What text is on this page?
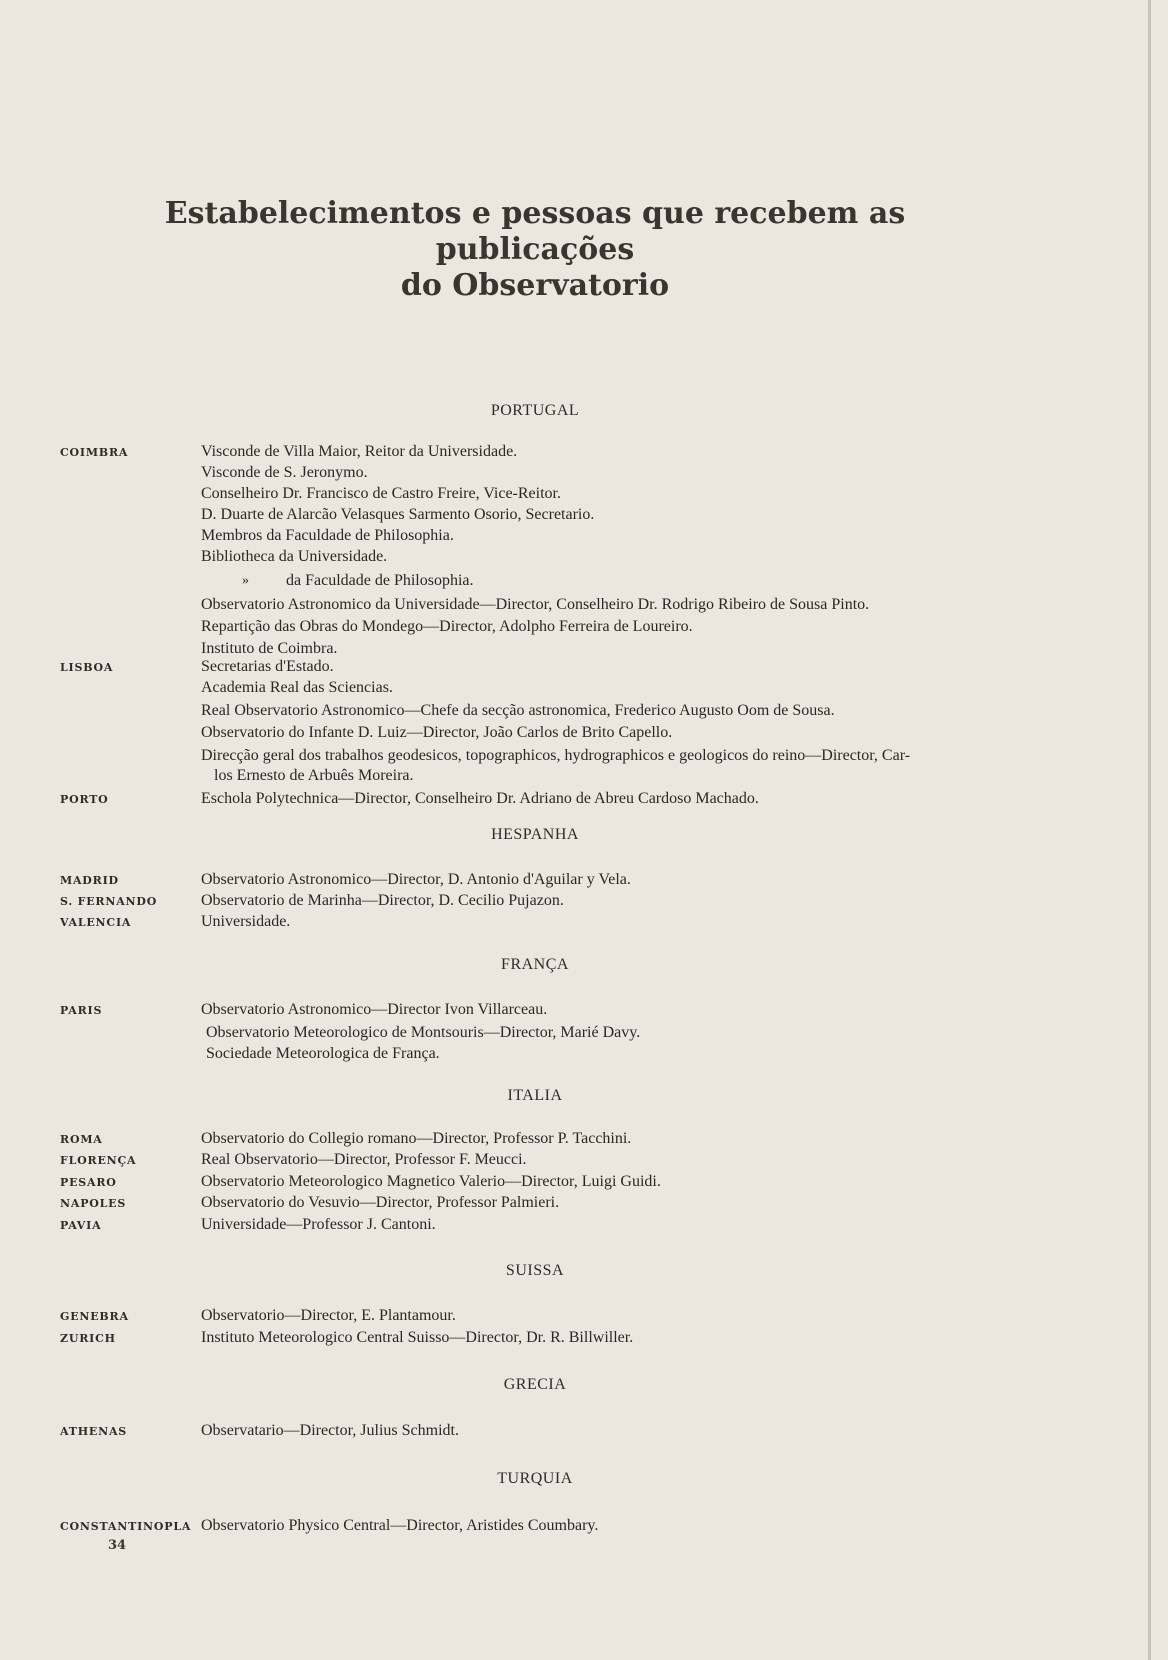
Estabelecimentos e pessoas que recebem as publicações
do Observatorio
PORTUGAL
COIMBRA	Visconde de Villa Maior, Reitor da Universidade.
Visconde de S. Jeronymo.
Conselheiro Dr. Francisco de Castro Freire, Vice-Reitor.
D. Duarte de Alarcão Velasques Sarmento Osorio, Secretario.
Membros da Faculdade de Philosophia.
Bibliotheca da Universidade.
» da Faculdade de Philosophia.
Observatorio Astronomico da Universidade—Director, Conselheiro Dr. Rodrigo Ribeiro de Sousa Pinto.
Repartição das Obras do Mondego—Director, Adolpho Ferreira de Loureiro.
Instituto de Coimbra.
LISBOA	Secretarias d'Estado.
Academia Real das Sciencias.
Real Observatorio Astronomico—Chefe da secção astronomica, Frederico Augusto Oom de Sousa.
Observatorio do Infante D. Luiz—Director, João Carlos de Brito Capello.
Direcção geral dos trabalhos geodesicos, topographicos, hydrographicos e geologicos do reino—Director, Car-
los Ernesto de Arbuês Moreira.
PORTO	Eschola Polytechnica—Director, Conselheiro Dr. Adriano de Abreu Cardoso Machado.
HESPANHA
MADRID	Observatorio Astronomico—Director, D. Antonio d'Aguilar y Vela.
S. FERNANDO	Observatorio de Marinha—Director, D. Cecilio Pujazon.
VALENCIA	Universidade.
FRANÇA
PARIS	Observatorio Astronomico—Director Ivon Villarceau.
Observatorio Meteorologico de Montsouris—Director, Marié Davy.
Sociedade Meteorologica de França.
ITALIA
ROMA	Observatorio do Collegio romano—Director, Professor P. Tacchini.
FLORENÇA	Real Observatorio—Director, Professor F. Meucci.
PESARO	Observatorio Meteorologico Magnetico Valerio—Director, Luigi Guidi.
NAPOLES	Observatorio do Vesuvio—Director, Professor Palmieri.
PAVIA	Universidade—Professor J. Cantoni.
SUISSA
GENEBRA	Observatorio—Director, E. Plantamour.
ZURICH	Instituto Meteorologico Central Suisso—Director, Dr. R. Billwiller.
GRECIA
ATHENAS	Observatario—Director, Julius Schmidt.
TURQUIA
CONSTANTINOPLA Observatorio Physico Central—Director, Aristides Coumbary.
34
